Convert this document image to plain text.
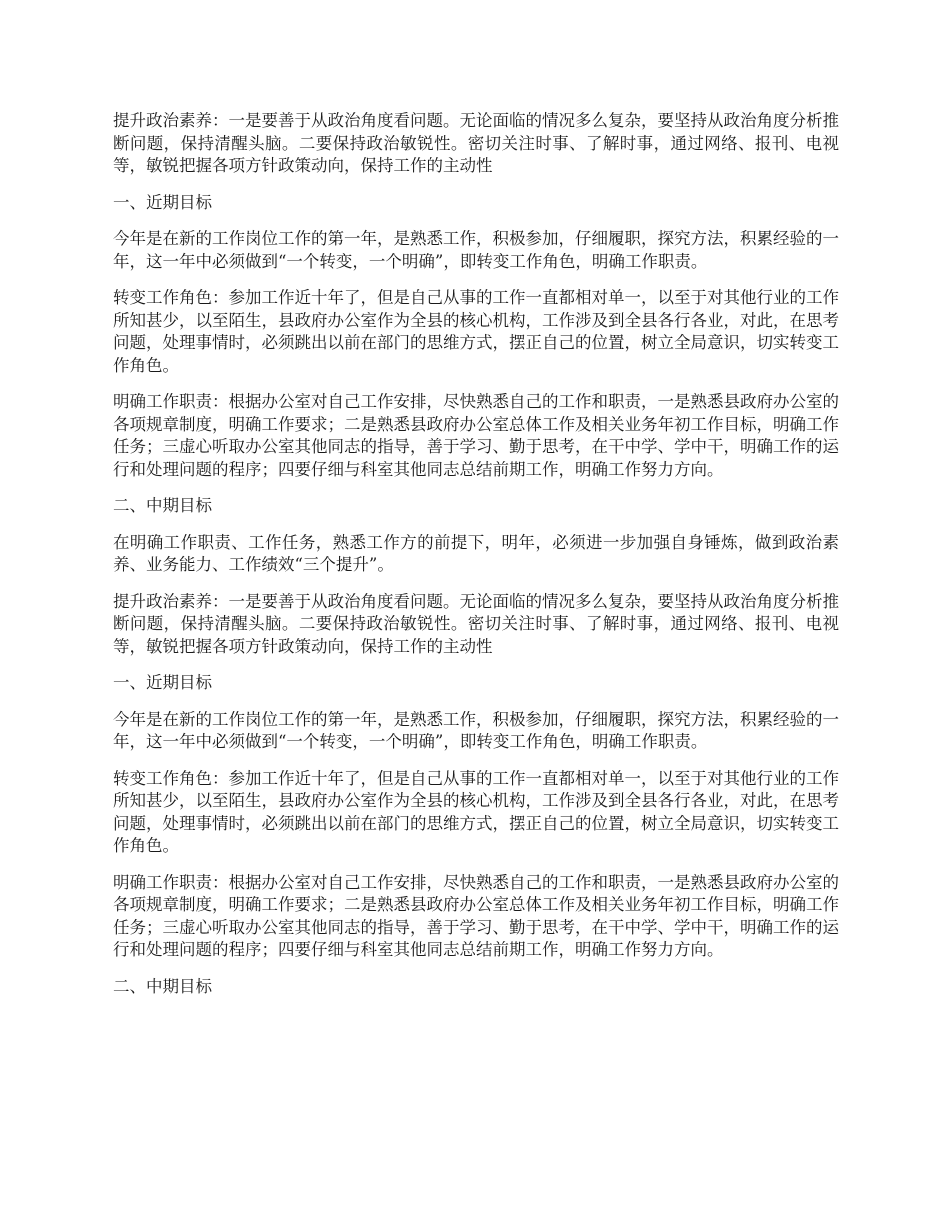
提升政治素养：一是要善于从政治角度看问题。无论面临的情况多么复杂，要坚持从政治角度分析推断问题，保持清醒头脑。二要保持政治敏锐性。密切关注时事、了解时事，通过网络、报刊、电视等，敏锐把握各项方针政策动向，保持工作的主动性

一、近期目标

今年是在新的工作岗位工作的第一年，是熟悉工作，积极参加，仔细履职，探究方法，积累经验的一年，这一年中必须做到“一个转变，一个明确”，即转变工作角色，明确工作职责。

转变工作角色：参加工作近十年了，但是自己从事的工作一直都相对单一，以至于对其他行业的工作所知甚少，以至陌生，县政府办公室作为全县的核心机构，工作涉及到全县各行各业，对此，在思考问题，处理事情时，必须跳出以前在部门的思维方式，摆正自己的位置，树立全局意识，切实转变工作角色。

明确工作职责：根据办公室对自己工作安排，尽快熟悉自己的工作和职责，一是熟悉县政府办公室的各项规章制度，明确工作要求；二是熟悉县政府办公室总体工作及相关业务年初工作目标，明确工作任务；三虚心听取办公室其他同志的指导，善于学习、勤于思考，在干中学、学中干，明确工作的运行和处理问题的程序；四要仔细与科室其他同志总结前期工作，明确工作努力方向。

二、中期目标

在明确工作职责、工作任务，熟悉工作方的前提下，明年，必须进一步加强自身锤炼，做到政治素养、业务能力、工作绩效“三个提升”。

提升政治素养：一是要善于从政治角度看问题。无论面临的情况多么复杂，要坚持从政治角度分析推断问题，保持清醒头脑。二要保持政治敏锐性。密切关注时事、了解时事，通过网络、报刊、电视等，敏锐把握各项方针政策动向，保持工作的主动性

一、近期目标

今年是在新的工作岗位工作的第一年，是熟悉工作，积极参加，仔细履职，探究方法，积累经验的一年，这一年中必须做到“一个转变，一个明确”，即转变工作角色，明确工作职责。

转变工作角色：参加工作近十年了，但是自己从事的工作一直都相对单一，以至于对其他行业的工作所知甚少，以至陌生，县政府办公室作为全县的核心机构，工作涉及到全县各行各业，对此，在思考问题，处理事情时，必须跳出以前在部门的思维方式，摆正自己的位置，树立全局意识，切实转变工作角色。

明确工作职责：根据办公室对自己工作安排，尽快熟悉自己的工作和职责，一是熟悉县政府办公室的各项规章制度，明确工作要求；二是熟悉县政府办公室总体工作及相关业务年初工作目标，明确工作任务；三虚心听取办公室其他同志的指导，善于学习、勤于思考，在干中学、学中干，明确工作的运行和处理问题的程序；四要仔细与科室其他同志总结前期工作，明确工作努力方向。

二、中期目标
